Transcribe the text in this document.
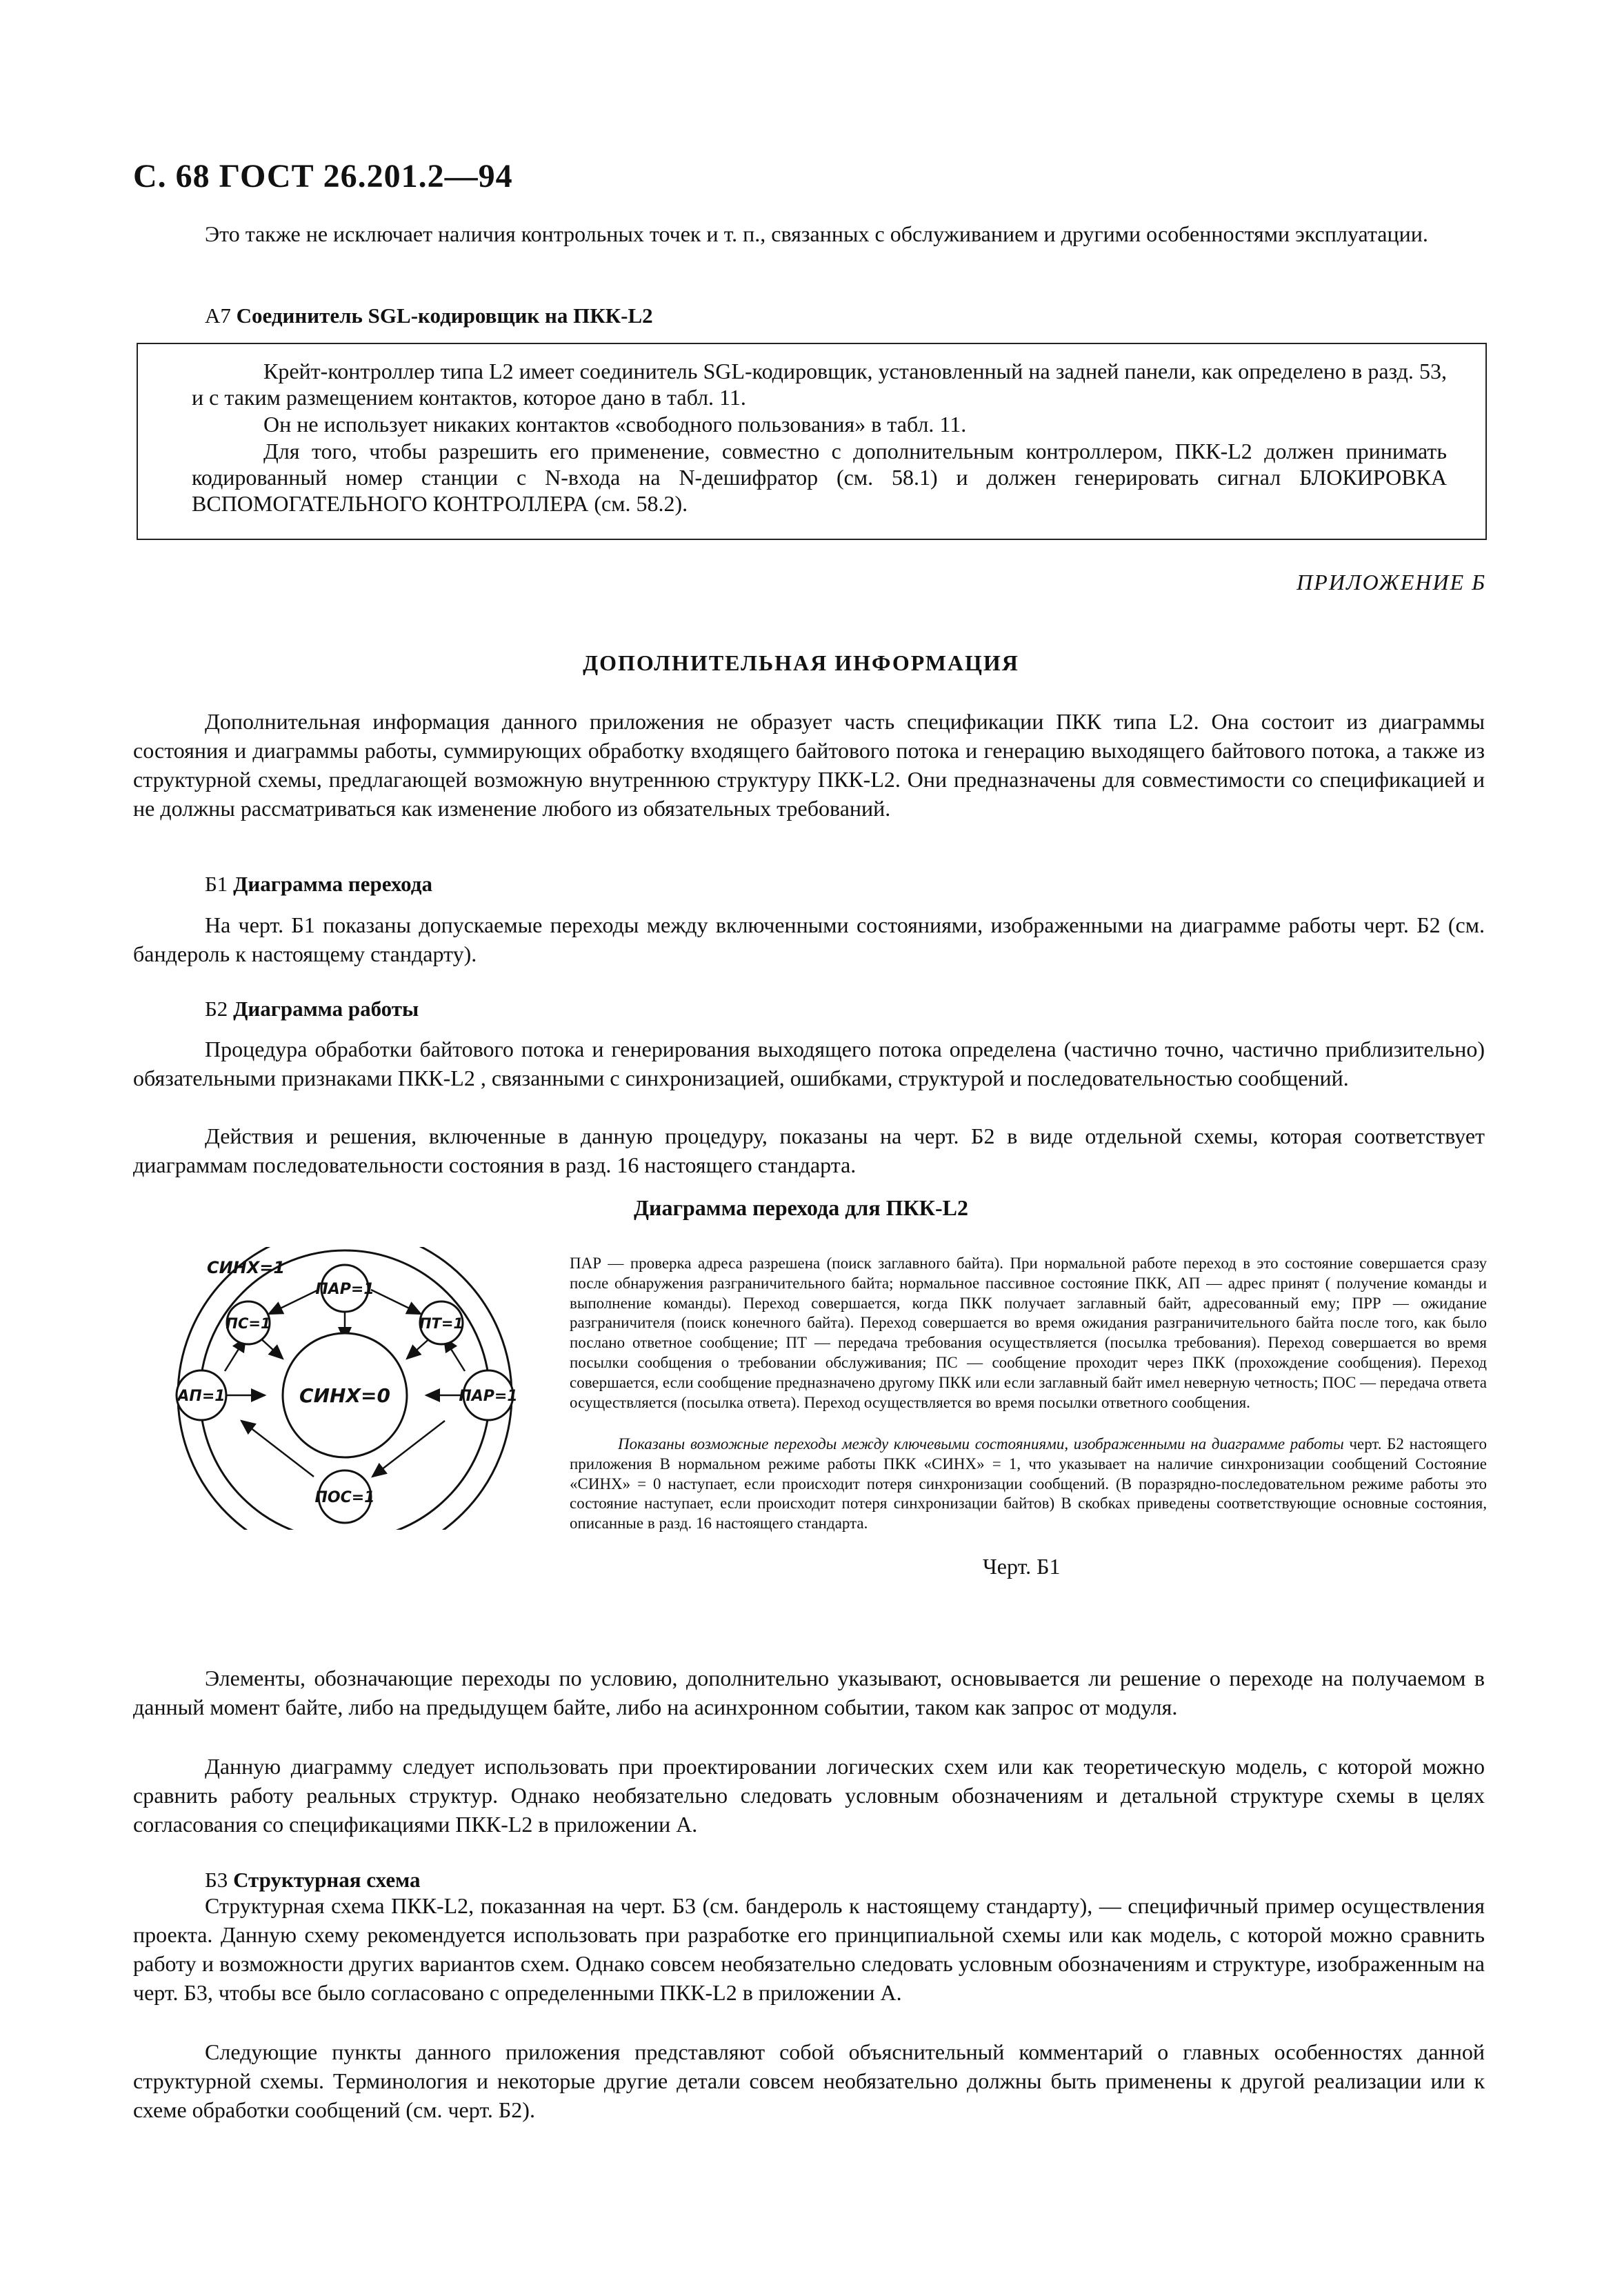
С. 68 ГОСТ 26.201.2—94

Это также не исключает наличия контрольных точек и т. п., связанных с обслуживанием и другими особенностями эксплуатации.

А7 Соединитель SGL-кодировщик на ПКК-L2

Крейт-контроллер типа L2 имеет соединитель SGL-кодировщик, установленный на задней панели, как определено в разд. 53, и с таким размещением контактов, которое дано в табл. 11.

Он не использует никаких контактов «свободного пользования» в табл. 11.

Для того, чтобы разрешить его применение, совместно с дополнительным контроллером, ПКК-L2 должен принимать кодированный номер станции с N-входа на N-дешифратор (см. 58.1) и должен генерировать сигнал БЛОКИРОВКА ВСПОМОГАТЕЛЬНОГО КОНТРОЛЛЕРА (см. 58.2).

ПРИЛОЖЕНИЕ Б
ДОПОЛНИТЕЛЬНАЯ ИНФОРМАЦИЯ

Дополнительная информация данного приложения не образует часть спецификации ПКК типа L2. Она состоит из диаграммы состояния и диаграммы работы, суммирующих обработку входящего байтового потока и генерацию выходящего байтового потока, а также из структурной схемы, предлагающей возможную внутреннюю структуру ПКК-L2. Они предназначены для совместимости со спецификацией и не должны рассматриваться как изменение любого из обязательных требований.

Б1 Диаграмма перехода

На черт. Б1 показаны допускаемые переходы между включенными состояниями, изображенными на диаграмме работы черт. Б2 (см. бандероль к настоящему стандарту).

Б2 Диаграмма работы

Процедура обработки байтового потока и генерирования выходящего потока определена (частично точно, частично приблизительно) обязательными признаками ПКК-L2 , связанными с синхронизацией, ошибками, структурой и последовательностью сообщений.

Действия и решения, включенные в данную процедуру, показаны на черт. Б2 в виде отдельной схемы, которая соответствует диаграммам последовательности состояния в разд. 16 настоящего стандарта.

Диаграмма перехода для ПКК-L2
СИНХ=1
ПАР=1
ПС=1	ПТ=1
СИНХ=0
АП=1	ПАР=1
ПОС=1

ПАР — проверка адреса разрешена (поиск заглавного байта). При нормальной работе переход в это состояние совершается сразу после обнаружения разграничительного байта; нормальное пассивное состояние ПКК, АП — адрес принят ( получение команды и выполнение команды). Переход совершается, когда ПКК получает заглавный байт, адресованный ему; ПРР — ожидание разграничителя (поиск конечного байта). Переход совершается во время ожидания разграничительного байта после того, как было послано ответное сообщение; ПТ — передача требования осуществляется (посылка требования). Переход совершается во время посылки сообщения о требовании обслуживания; ПС — сообщение проходит через ПКК (прохождение сообщения). Переход совершается, если сообщение предназначено другому ПКК или если заглавный байт имел неверную четность; ПОС — передача ответа осуществляется (посылка ответа). Переход осуществляется во время посылки ответного сообщения.

Показаны возможные переходы между ключевыми состояниями, изображенными на диаграмме работы черт. Б2 настоящего приложения В нормальном режиме работы ПКК «СИНХ» = 1, что указывает на наличие синхронизации сообщений Состояние «СИНХ» = 0 наступает, если происходит потеря синхронизации сообщений. (В поразрядно-последовательном режиме работы это состояние наступает, если происходит потеря синхронизации байтов) В скобках приведены соответствующие основные состояния, описанные в разд. 16 настоящего стандарта.

Черт. Б1

Элементы, обозначающие переходы по условию, дополнительно указывают, основывается ли решение о переходе на получаемом в данный момент байте, либо на предыдущем байте, либо на асинхронном событии, таком как запрос от модуля.

Данную диаграмму следует использовать при проектировании логических схем или как теоретическую модель, с которой можно сравнить работу реальных структур. Однако необязательно следовать условным обозначениям и детальной структуре схемы в целях согласования со спецификациями ПКК-L2 в приложении А.

Б3 Структурная схема

Структурная схема ПКК-L2, показанная на черт. Б3 (см. бандероль к настоящему стандарту), — специфичный пример осуществления проекта. Данную схему рекомендуется использовать при разработке его принципиальной схемы или как модель, с которой можно сравнить работу и возможности других вариантов схем. Однако совсем необязательно следовать условным обозначениям и структуре, изображенным на черт. Б3, чтобы все было согласовано с определенными ПКК-L2 в приложении А.

Следующие пункты данного приложения представляют собой объяснительный комментарий о главных особенностях данной структурной схемы. Терминология и некоторые другие детали совсем необязательно должны быть применены к другой реализации или к схеме обработки сообщений (см. черт. Б2).
